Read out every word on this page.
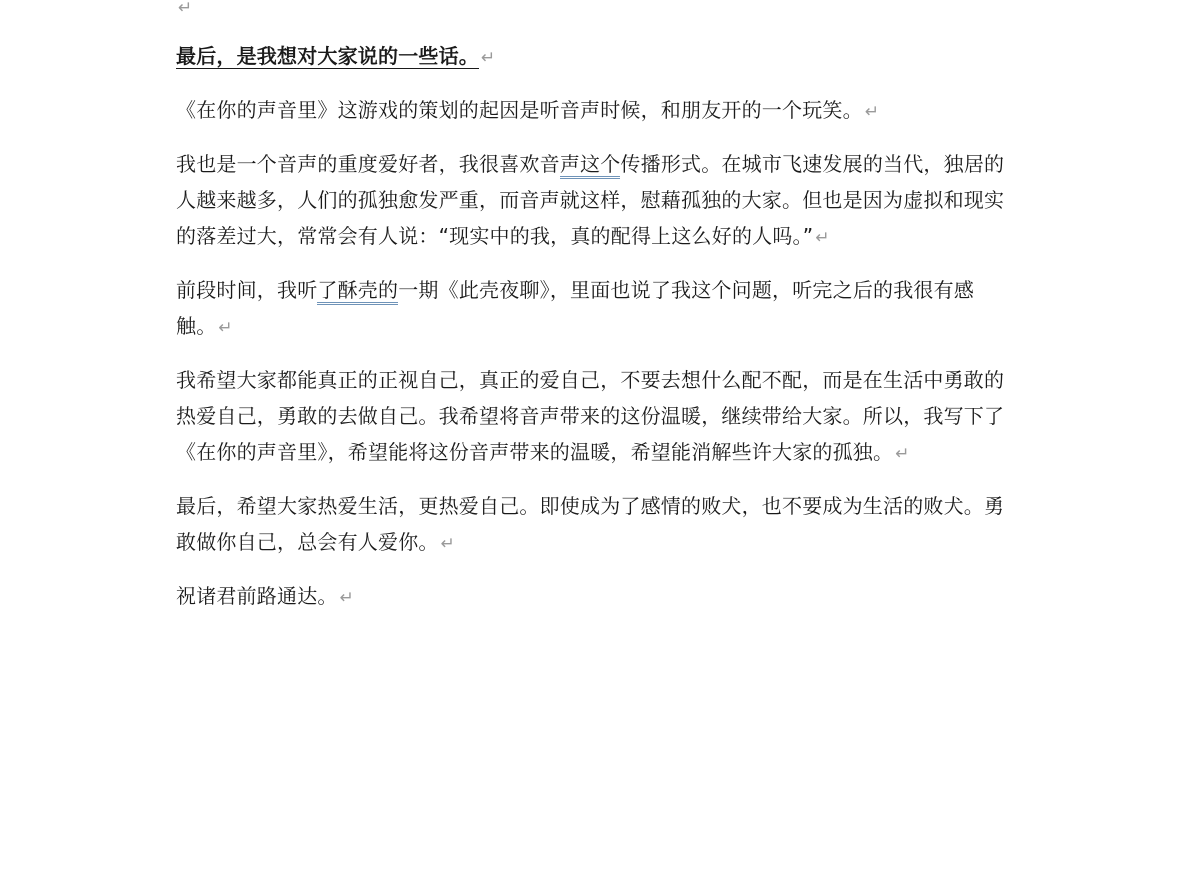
↵

最后，是我想对大家说的一些话。 ↵

《在你的声音里》这游戏的策划的起因是听音声时候，和朋友开的一个玩笑。 ↵

我也是一个音声的重度爱好者，我很喜欢音声这个传播形式。在城市飞速发展的当代，独居的人越来越多，人们的孤独愈发严重，而音声就这样，慰藉孤独的大家。但也是因为虚拟和现实的落差过大，常常会有人说：“现实中的我，真的配得上这么好的人吗。” ↵

前段时间，我听了酥壳的一期《此壳夜聊》，里面也说了我这个问题，听完之后的我很有感触。 ↵

我希望大家都能真正的正视自己，真正的爱自己，不要去想什么配不配，而是在生活中勇敢的热爱自己，勇敢的去做自己。我希望将音声带来的这份温暖，继续带给大家。所以，我写下了《在你的声音里》，希望能将这份音声带来的温暖，希望能消解些许大家的孤独。 ↵

最后，希望大家热爱生活，更热爱自己。即使成为了感情的败犬，也不要成为生活的败犬。勇敢做你自己，总会有人爱你。 ↵

祝诸君前路通达。 ↵
